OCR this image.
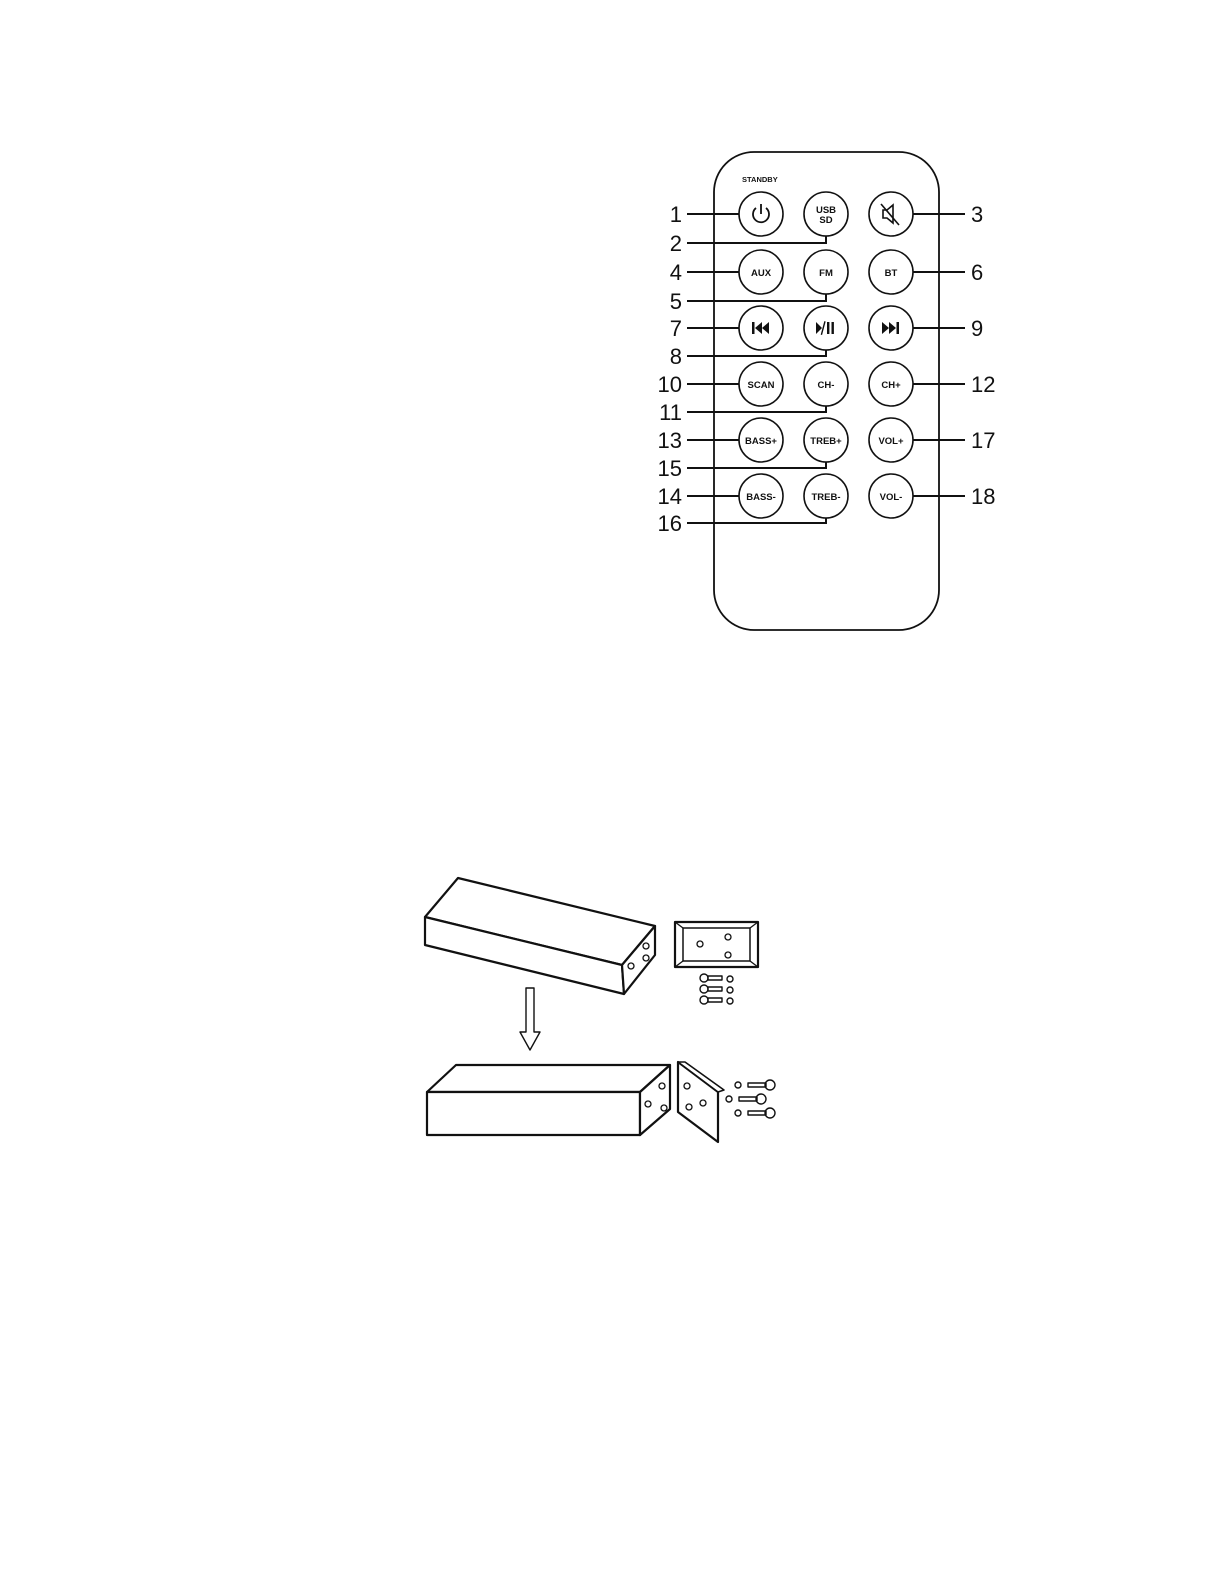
STANDBY
USB
SD
AUX	FM	BT
SCAN	CH-	CH+
BASS+	TREB+	VOL+
BASS-	TREB-	VOL-
1
2
3
4
5
6
7
8
9
10
11
12
13
15
17
14
16
18
